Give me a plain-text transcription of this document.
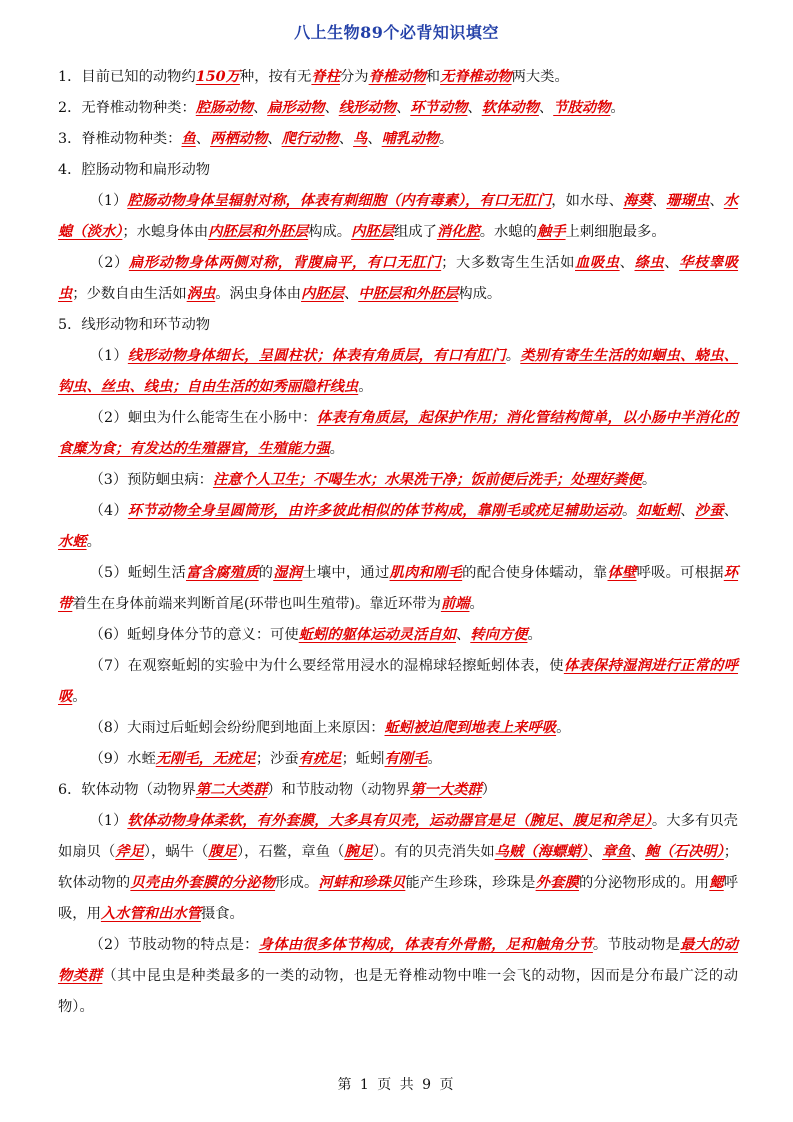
八上生物89个必背知识填空

1．目前已知的动物约150万种，按有无脊柱分为脊椎动物和无脊椎动物两大类。

2．无脊椎动物种类：腔肠动物、扁形动物、线形动物、环节动物、软体动物、节肢动物。

3．脊椎动物种类：鱼、两栖动物、爬行动物、鸟、哺乳动物。

4．腔肠动物和扁形动物

（1）腔肠动物身体呈辐射对称，体表有刺细胞（内有毒素），有口无肛门，如水母、海葵、珊瑚虫、水螅（淡水）；水螅身体由内胚层和外胚层构成。内胚层组成了消化腔。水螅的触手上刺细胞最多。

（2）扁形动物身体两侧对称，背腹扁平，有口无肛门；大多数寄生生活如血吸虫、绦虫、华枝睾吸虫；少数自由生活如涡虫。涡虫身体由内胚层、中胚层和外胚层构成。

5．线形动物和环节动物

（1）线形动物身体细长，呈圆柱状；体表有角质层，有口有肛门。类别有寄生生活的如蛔虫、蛲虫、钩虫、丝虫、线虫；自由生活的如秀丽隐杆线虫。

（2）蛔虫为什么能寄生在小肠中：体表有角质层，起保护作用；消化管结构简单，以小肠中半消化的食糜为食；有发达的生殖器官，生殖能力强。

（3）预防蛔虫病：注意个人卫生；不喝生水；水果洗干净；饭前便后洗手；处理好粪便。

（4）环节动物全身呈圆筒形，由许多彼此相似的体节构成，靠刚毛或疣足辅助运动。如蚯蚓、沙蚕、水蛭。

（5）蚯蚓生活富含腐殖质的湿润土壤中，通过肌肉和刚毛的配合使身体蠕动，靠体壁呼吸。可根据环带着生在身体前端来判断首尾(环带也叫生殖带)。靠近环带为前端。

（6）蚯蚓身体分节的意义：可使蚯蚓的躯体运动灵活自如、转向方便。

（7）在观察蚯蚓的实验中为什么要经常用浸水的湿棉球轻擦蚯蚓体表，使体表保持湿润进行正常的呼吸。

（8）大雨过后蚯蚓会纷纷爬到地面上来原因：蚯蚓被迫爬到地表上来呼吸。

（9）水蛭无刚毛，无疣足；沙蚕有疣足；蚯蚓有刚毛。

6．软体动物（动物界第二大类群）和节肢动物（动物界第一大类群）

（1）软体动物身体柔软，有外套膜，大多具有贝壳，运动器官是足（腕足、腹足和斧足）。大多有贝壳如扇贝（斧足），蜗牛（腹足），石鳖，章鱼（腕足）。有的贝壳消失如乌贼（海螵蛸）、章鱼、鲍（石决明）；软体动物的贝壳由外套膜的分泌物形成。河蚌和珍珠贝能产生珍珠，珍珠是外套膜的分泌物形成的。用鳃呼吸，用入水管和出水管摄食。

（2）节肢动物的特点是：身体由很多体节构成，体表有外骨骼，足和触角分节。节肢动物是最大的动物类群（其中昆虫是种类最多的一类的动物，也是无脊椎动物中唯一会飞的动物，因而是分布最广泛的动物）。

第 1 页 共 9 页
